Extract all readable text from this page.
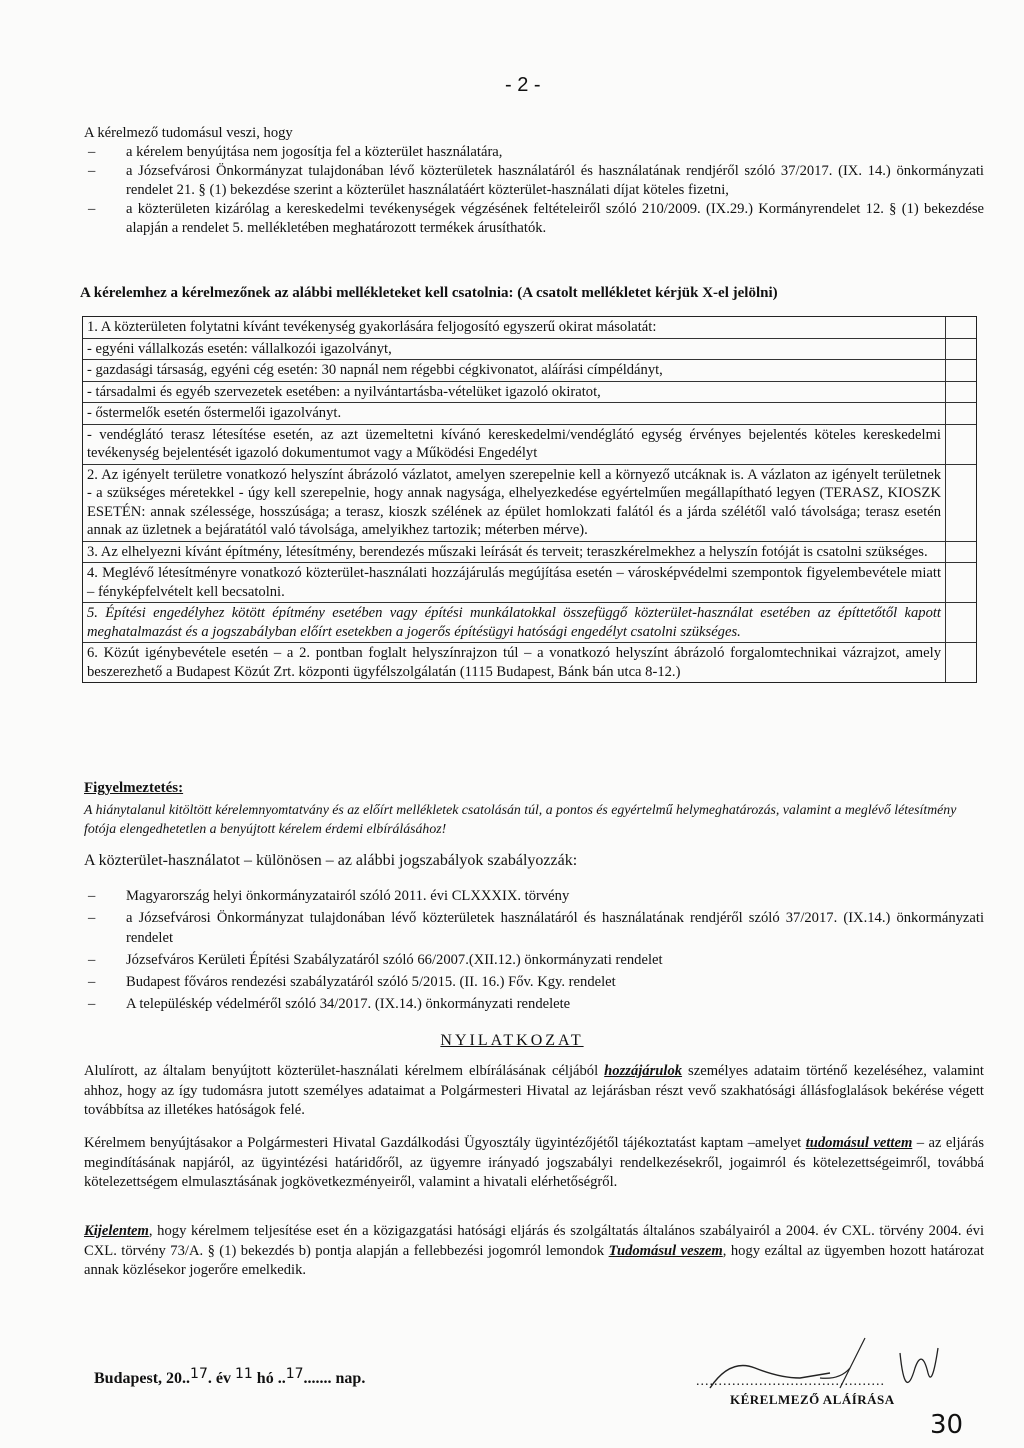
- 2 -
A kérelmező tudomásul veszi, hogy
– a kérelem benyújtása nem jogosítja fel a közterület használatára,
– a Józsefvárosi Önkormányzat tulajdonában lévő közterületek használatáról és használatának rendjéről szóló 37/2017. (IX. 14.) önkormányzati rendelet 21. § (1) bekezdése szerint a közterület használatáért közterület-használati díjat köteles fizetni,
– a közterületen kizárólag a kereskedelmi tevékenységek végzésének feltételeiről szóló 210/2009. (IX.29.) Kormányrendelet 12. § (1) bekezdése alapján a rendelet 5. mellékletében meghatározott termékek árusíthatók.
A kérelemhez a kérelmezőnek az alábbi mellékleteket kell csatolnia: (A csatolt mellékletet kérjük X-el jelölni)
1. A közterületen folytatni kívánt tevékenység gyakorlására feljogosító egyszerű okirat másolatát:
- egyéni vállalkozás esetén: vállalkozói igazolványt,
- gazdasági társaság, egyéni cég esetén: 30 napnál nem régebbi cégkivonatot, aláírási címpéldányt,
- társadalmi és egyéb szervezetek esetében: a nyilvántartásba-vételüket igazoló okiratot,
- őstermelők esetén őstermelői igazolványt.
- vendéglátó terasz létesítése esetén, az azt üzemeltetni kívánó kereskedelmi/vendéglátó egység érvényes bejelentés köteles kereskedelmi tevékenység bejelentését igazoló dokumentumot vagy a Működési Engedélyt
2. Az igényelt területre vonatkozó helyszínt ábrázoló vázlatot, amelyen szerepelnie kell a környező utcáknak is. A vázlaton az igényelt területnek - a szükséges méretekkel - úgy kell szerepelnie, hogy annak nagysága, elhelyezkedése egyértelműen megállapítható legyen (TERASZ, KIOSZK ESETÉN: annak szélessége, hosszúsága; a terasz, kioszk szélének az épület homlokzati falától és a járda szélétől való távolsága; terasz esetén annak az üzletnek a bejáratától való távolsága, amelyikhez tartozik; méterben mérve).
3. Az elhelyezni kívánt építmény, létesítmény, berendezés műszaki leírását és terveit; teraszkérelmekhez a helyszín fotóját is csatolni szükséges.
4. Meglévő létesítményre vonatkozó közterület-használati hozzájárulás megújítása esetén – városképvédelmi szempontok figyelembevétele miatt – fényképfelvételt kell becsatolni.
5. Építési engedélyhez kötött építmény esetében vagy építési munkálatokkal összefüggő közterület-használat esetében az építtetőtől kapott meghatalmazást és a jogszabályban előírt esetekben a jogerős építésügyi hatósági engedélyt csatolni szükséges.
6. Közút igénybevétele esetén – a 2. pontban foglalt helyszínrajzon túl – a vonatkozó helyszínt ábrázoló forgalomtechnikai vázrajzot, amely beszerezhető a Budapest Közút Zrt. központi ügyfélszolgálatán (1115 Budapest, Bánk bán utca 8-12.)
Figyelmeztetés:
A hiánytalanul kitöltött kérelemnyomtatvány és az előírt mellékletek csatolásán túl, a pontos és egyértelmű helymeghatározás, valamint a meglévő létesítmény fotója elengedhetetlen a benyújtott kérelem érdemi elbírálásához!
A közterület-használatot – különösen – az alábbi jogszabályok szabályozzák:
– Magyarország helyi önkormányzatairól szóló 2011. évi CLXXXIX. törvény
– a Józsefvárosi Önkormányzat tulajdonában lévő közterületek használatáról és használatának rendjéről szóló 37/2017. (IX.14.) önkormányzati rendelet
– Józsefváros Kerületi Építési Szabályzatáról szóló 66/2007.(XII.12.) önkormányzati rendelet
– Budapest főváros rendezési szabályzatáról szóló 5/2015. (II. 16.) Főv. Kgy. rendelet
– A településkép védelméről szóló 34/2017. (IX.14.) önkormányzati rendelete
NYILATKOZAT
Alulírott, az általam benyújtott közterület-használati kérelmem elbírálásának céljából hozzájárulok személyes adataim történő kezeléséhez, valamint ahhoz, hogy az így tudomásra jutott személyes adataimat a Polgármesteri Hivatal az lejárásban részt vevő szakhatósági állásfoglalások bekérése végett továbbítsa az illetékes hatóságok felé.
Kérelmem benyújtásakor a Polgármesteri Hivatal Gazdálkodási Ügyosztály ügyintézőjétől tájékoztatást kaptam –amelyet tudomásul vettem – az eljárás megindításának napjáról, az ügyintézési határidőről, az ügyemre irányadó jogszabályi rendelkezésekről, jogaimról és kötelezettségeimről, továbbá kötelezettségem elmulasztásának jogkövetkezményeiről, valamint a hivatali elérhetőségről.
Kijelentem, hogy kérelmem teljesítése eset én a közigazgatási hatósági eljárás és szolgáltatás általános szabályairól a 2004. év CXL. törvény 2004. évi CXL. törvény 73/A. § (1) bekezdés b) pontja alapján a fellebbezési jogomról lemondok Tudomásul veszem, hogy ezáltal az ügyemben hozott határozat annak közlésekor jogerőre emelkedik.
Budapest, 20..17. év 11 hó ..17....... nap.	..........................................
KÉRELMEZŐ ALÁÍRÁSA
30
